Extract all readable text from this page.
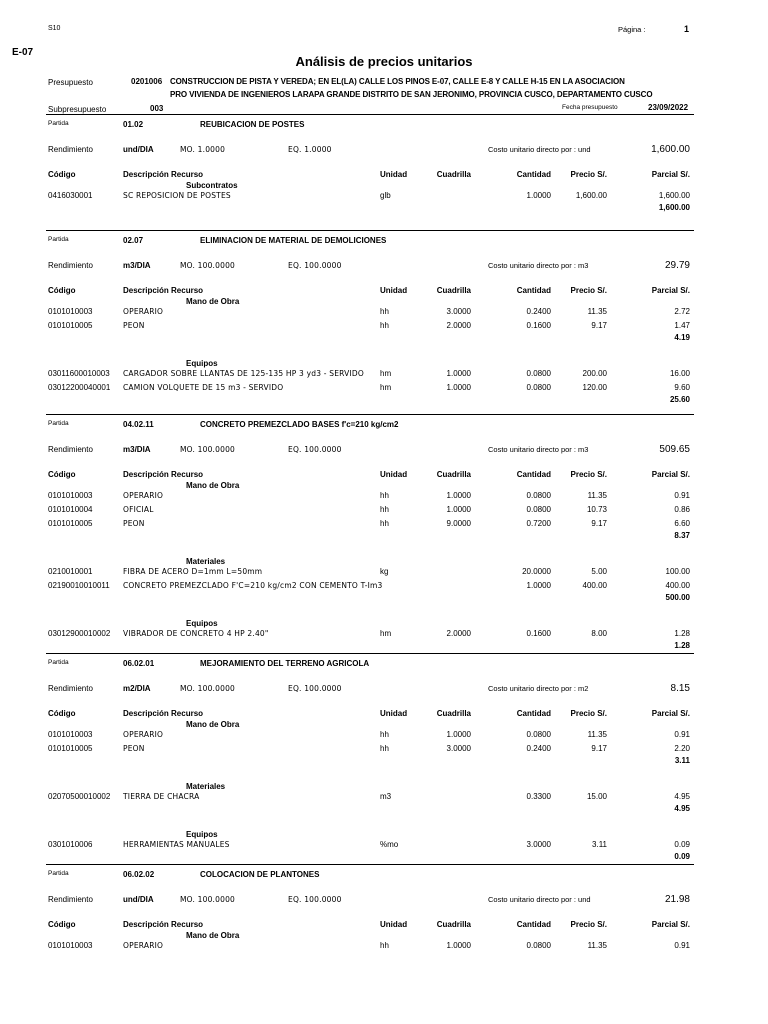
S10	Página :	1
E-07
Análisis de precios unitarios
Presupuesto	0201006 CONSTRUCCION DE PISTA Y VEREDA; EN EL(LA) CALLE LOS PINOS E-07, CALLE E-8 Y CALLE H-15 EN LA ASOCIACION
PRO VIVIENDA DE INGENIEROS LARAPA GRANDE DISTRITO DE SAN JERONIMO, PROVINCIA CUSCO, DEPARTAMENTO CUSCO
Subpresupuesto	003	Fecha presupuesto	23/09/2022
Partida	01.02	REUBICACION DE POSTES
Rendimiento	und/DIA	MO. 1.0000	EQ. 1.0000	Costo unitario directo por : und	1,600.00
Código	Descripción Recurso	Unidad	Cuadrilla	Cantidad	Precio S/.	Parcial S/.
Subcontratos
0416030001	SC REPOSICION DE POSTES	glb	1.0000	1,600.00	1,600.00
1,600.00
Partida	02.07	ELIMINACION DE MATERIAL DE DEMOLICIONES
Rendimiento	m3/DIA	MO. 100.0000	EQ. 100.0000	Costo unitario directo por : m3	29.79
Código	Descripción Recurso	Unidad	Cuadrilla	Cantidad	Precio S/.	Parcial S/.
Mano de Obra
0101010003	OPERARIO	hh	3.0000	0.2400	11.35	2.72
0101010005	PEON	hh	2.0000	0.1600	9.17	1.47
4.19
Equipos
03011600010003 CARGADOR SOBRE LLANTAS DE 125-135 HP 3 yd3 - SERVIDO hm	1.0000	0.0800	200.00	16.00
03012200040001 CAMION VOLQUETE DE 15 m3 - SERVIDO	hm	1.0000	0.0800	120.00	9.60
25.60
Partida	04.02.11	CONCRETO PREMEZCLADO BASES f'c=210 kg/cm2
Rendimiento	m3/DIA	MO. 100.0000	EQ. 100.0000	Costo unitario directo por : m3	509.65
Código	Descripción Recurso	Unidad	Cuadrilla	Cantidad	Precio S/.	Parcial S/.
Mano de Obra
0101010003	OPERARIO	hh	1.0000	0.0800	11.35	0.91
0101010004	OFICIAL	hh	1.0000	0.0800	10.73	0.86
0101010005	PEON	hh	9.0000	0.7200	9.17	6.60
8.37
Materiales
0210010001	FIBRA DE ACERO D=1mm L=50mm	kg	20.0000	5.00	100.00
02190010010011 CONCRETO PREMEZCLADO F'C=210 kg/cm2 CON CEMENTO T-Im3	1.0000	400.00	400.00
500.00
Equipos
03012900010002 VIBRADOR DE CONCRETO 4 HP 2.40"	hm	2.0000	0.1600	8.00	1.28
1.28
Partida	06.02.01	MEJORAMIENTO DEL TERRENO AGRICOLA
Rendimiento	m2/DIA	MO. 100.0000	EQ. 100.0000	Costo unitario directo por : m2	8.15
Código	Descripción Recurso	Unidad	Cuadrilla	Cantidad	Precio S/.	Parcial S/.
Mano de Obra
0101010003	OPERARIO	hh	1.0000	0.0800	11.35	0.91
0101010005	PEON	hh	3.0000	0.2400	9.17	2.20
3.11
Materiales
02070500010002 TIERRA DE CHACRA	m3	0.3300	15.00	4.95
4.95
Equipos
0301010006	HERRAMIENTAS MANUALES	%mo	3.0000	3.11	0.09
0.09
Partida	06.02.02	COLOCACION DE PLANTONES
Rendimiento	und/DIA	MO. 100.0000	EQ. 100.0000	Costo unitario directo por : und	21.98
Código	Descripción Recurso	Unidad	Cuadrilla	Cantidad	Precio S/.	Parcial S/.
Mano de Obra
0101010003	OPERARIO	hh	1.0000	0.0800	11.35	0.91
